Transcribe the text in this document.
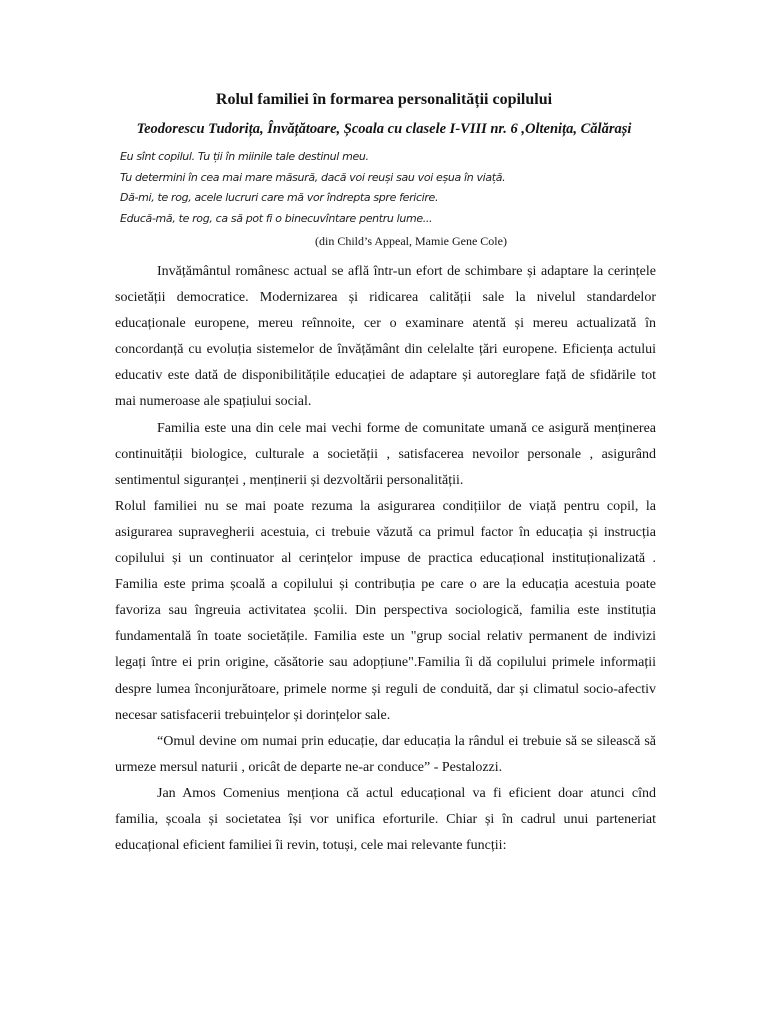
Rolul familiei în formarea personalității copilului
Teodorescu Tudorița, Învățătoare, Școala cu clasele I-VIII nr. 6 ,Oltenița, Călărași
Eu sînt copilul. Tu ții în miinile tale destinul meu.
Tu determini în cea mai mare măsură, dacă voi reuși sau voi eșua în viață.
Dă-mi, te rog, acele lucruri care mă vor îndrepta spre fericire.
Educă-mă, te rog, ca să pot fi o binecuvîntare pentru lume...
(din Child’s Appeal, Mamie Gene Cole)

Invățământul românesc actual se află într-un efort de schimbare și adaptare la cerințele societății democratice. Modernizarea și ridicarea calității sale la nivelul standardelor educaționale europene, mereu reînnoite, cer o examinare atentă și mereu actualizată în concordanță cu evoluția sistemelor de învățământ din celelalte țări europene. Eficiența actului educativ este dată de disponibilitățile educației de adaptare și autoreglare față de sfidările tot mai numeroase ale spațiului social.

Familia este una din cele mai vechi forme de comunitate umană ce asigură menținerea continuității biologice, culturale a societății , satisfacerea nevoilor personale , asigurând sentimentul siguranței , menținerii și dezvoltării personalității.

Rolul familiei nu se mai poate rezuma la asigurarea condițiilor de viață pentru copil, la asigurarea supravegherii acestuia, ci trebuie văzută ca primul factor în educația și instrucția copilului și un continuator al cerințelor impuse de practica educațional instituționalizată . Familia este prima școală a copilului și contribuția pe care o are la educația acestuia poate favoriza sau îngreuia activitatea școlii. Din perspectiva sociologică, familia este instituția fundamentală în toate societățile. Familia este un "grup social relativ permanent de indivizi legați între ei prin origine, căsătorie sau adopțiune".Familia îi dă copilului primele informații despre lumea înconjurătoare, primele norme și reguli de conduită, dar și climatul socio-afectiv necesar satisfacerii trebuințelor și dorințelor sale.

“Omul devine om numai prin educație, dar educația la rândul ei trebuie să se silească să urmeze mersul naturii , oricât de departe ne-ar conduce” - Pestalozzi.

Jan Amos Comenius menționa că actul educațional va fi eficient doar atunci cînd familia, școala și societatea își vor unifica eforturile. Chiar și în cadrul unui parteneriat educațional eficient familiei îi revin, totuși, cele mai relevante funcții:
